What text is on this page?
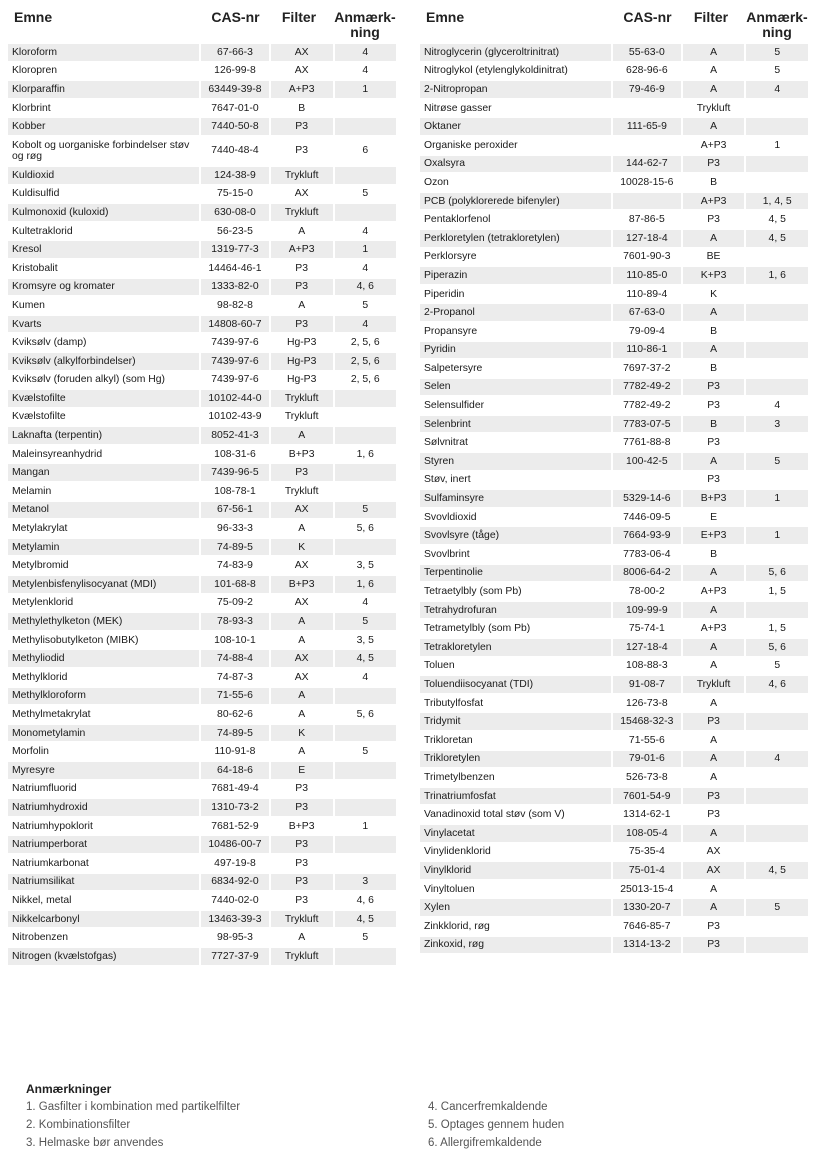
Emne	CAS-nr	Filter	Anmærk-
ning
Kloroform	67-66-3	AX	4
Kloropren	126-99-8	AX	4
Klorparaffin	63449-39-8	A+P3	1
Klorbrint	7647-01-0	B	
Kobber	7440-50-8	P3	
Kobolt og uorganiske forbindelser støv og røg	7440-48-4	P3	6
Kuldioxid	124-38-9	Trykluft	
Kuldisulfid	75-15-0	AX	5
Kulmonoxid (kuloxid)	630-08-0	Trykluft	
Kultetraklorid	56-23-5	A	4
Kresol	1319-77-3	A+P3	1
Kristobalit	14464-46-1	P3	4
Kromsyre og kromater	1333-82-0	P3	4, 6
Kumen	98-82-8	A	5
Kvarts	14808-60-7	P3	4
Kviksølv (damp)	7439-97-6	Hg-P3	2, 5, 6
Kviksølv (alkylforbindelser)	7439-97-6	Hg-P3	2, 5, 6
Kviksølv (foruden alkyl) (som Hg)	7439-97-6	Hg-P3	2, 5, 6
Kvælstofilte	10102-44-0	Trykluft	
Kvælstofilte	10102-43-9	Trykluft	
Laknafta (terpentin)	8052-41-3	A	
Maleinsyreanhydrid	108-31-6	B+P3	1, 6
Mangan	7439-96-5	P3	
Melamin	108-78-1	Trykluft	
Metanol	67-56-1	AX	5
Metylakrylat	96-33-3	A	5, 6
Metylamin	74-89-5	K	
Metylbromid	74-83-9	AX	3, 5
Metylenbisfenylisocyanat (MDI)	101-68-8	B+P3	1, 6
Metylenklorid	75-09-2	AX	4
Methylethylketon (MEK)	78-93-3	A	5
Methylisobutylketon (MIBK)	108-10-1	A	3, 5
Methyliodid	74-88-4	AX	4, 5
Methylklorid	74-87-3	AX	4
Methylkloroform	71-55-6	A	
Methylmetakrylat	80-62-6	A	5, 6
Monometylamin	74-89-5	K	
Morfolin	110-91-8	A	5
Myresyre	64-18-6	E	
Natriumfluorid	7681-49-4	P3	
Natriumhydroxid	1310-73-2	P3	
Natriumhypoklorit	7681-52-9	B+P3	1
Natriumperborat	10486-00-7	P3	
Natriumkarbonat	497-19-8	P3	
Natriumsilikat	6834-92-0	P3	3
Nikkel, metal	7440-02-0	P3	4, 6
Nikkelcarbonyl	13463-39-3	Trykluft	4, 5
Nitrobenzen	98-95-3	A	5
Nitrogen (kvælstofgas)	7727-37-9	Trykluft	
Emne	CAS-nr	Filter	Anmærk-
ning
Nitroglycerin (glyceroltrinitrat)	55-63-0	A	5
Nitroglykol (etylenglykoldinitrat)	628-96-6	A	5
2-Nitropropan	79-46-9	A	4
Nitrøse gasser		Trykluft	
Oktaner	111-65-9	A	
Organiske peroxider		A+P3	1
Oxalsyra	144-62-7	P3	
Ozon	10028-15-6	B	
PCB (polyklorerede bifenyler)		A+P3	1, 4, 5
Pentaklorfenol	87-86-5	P3	4, 5
Perkloretylen (tetrakloretylen)	127-18-4	A	4, 5
Perklorsyre	7601-90-3	BE	
Piperazin	110-85-0	K+P3	1, 6
Piperidin	110-89-4	K	
2-Propanol	67-63-0	A	
Propansyre	79-09-4	B	
Pyridin	110-86-1	A	
Salpetersyre	7697-37-2	B	
Selen	7782-49-2	P3	
Selensulfider	7782-49-2	P3	4
Selenbrint	7783-07-5	B	3
Sølvnitrat	7761-88-8	P3	
Styren	100-42-5	A	5
Støv, inert		P3	
Sulfaminsyre	5329-14-6	B+P3	1
Svovldioxid	7446-09-5	E	
Svovlsyre (tåge)	7664-93-9	E+P3	1
Svovlbrint	7783-06-4	B	
Terpentinolie	8006-64-2	A	5, 6
Tetraetylbly (som Pb)	78-00-2	A+P3	1, 5
Tetrahydrofuran	109-99-9	A	
Tetrametylbly (som Pb)	75-74-1	A+P3	1, 5
Tetrakloretylen	127-18-4	A	5, 6
Toluen	108-88-3	A	5
Toluendiisocyanat (TDI)	91-08-7	Trykluft	4, 6
Tributylfosfat	126-73-8	A	
Tridymit	15468-32-3	P3	
Trikloretan	71-55-6	A	
Trikloretylen	79-01-6	A	4
Trimetylbenzen	526-73-8	A	
Trinatriumfosfat	7601-54-9	P3	
Vanadinoxid total støv (som V)	1314-62-1	P3	
Vinylacetat	108-05-4	A	
Vinylidenklorid	75-35-4	AX	
Vinylklorid	75-01-4	AX	4, 5
Vinyltoluen	25013-15-4	A	
Xylen	1330-20-7	A	5
Zinkklorid, røg	7646-85-7	P3	
Zinkoxid, røg	1314-13-2	P3	
Anmærkninger
1. Gasfilter i kombination med partikelfilter
2. Kombinationsfilter
3. Helmaske bør anvendes
4. Cancerfremkaldende
5. Optages gennem huden
6. Allergifremkaldende
